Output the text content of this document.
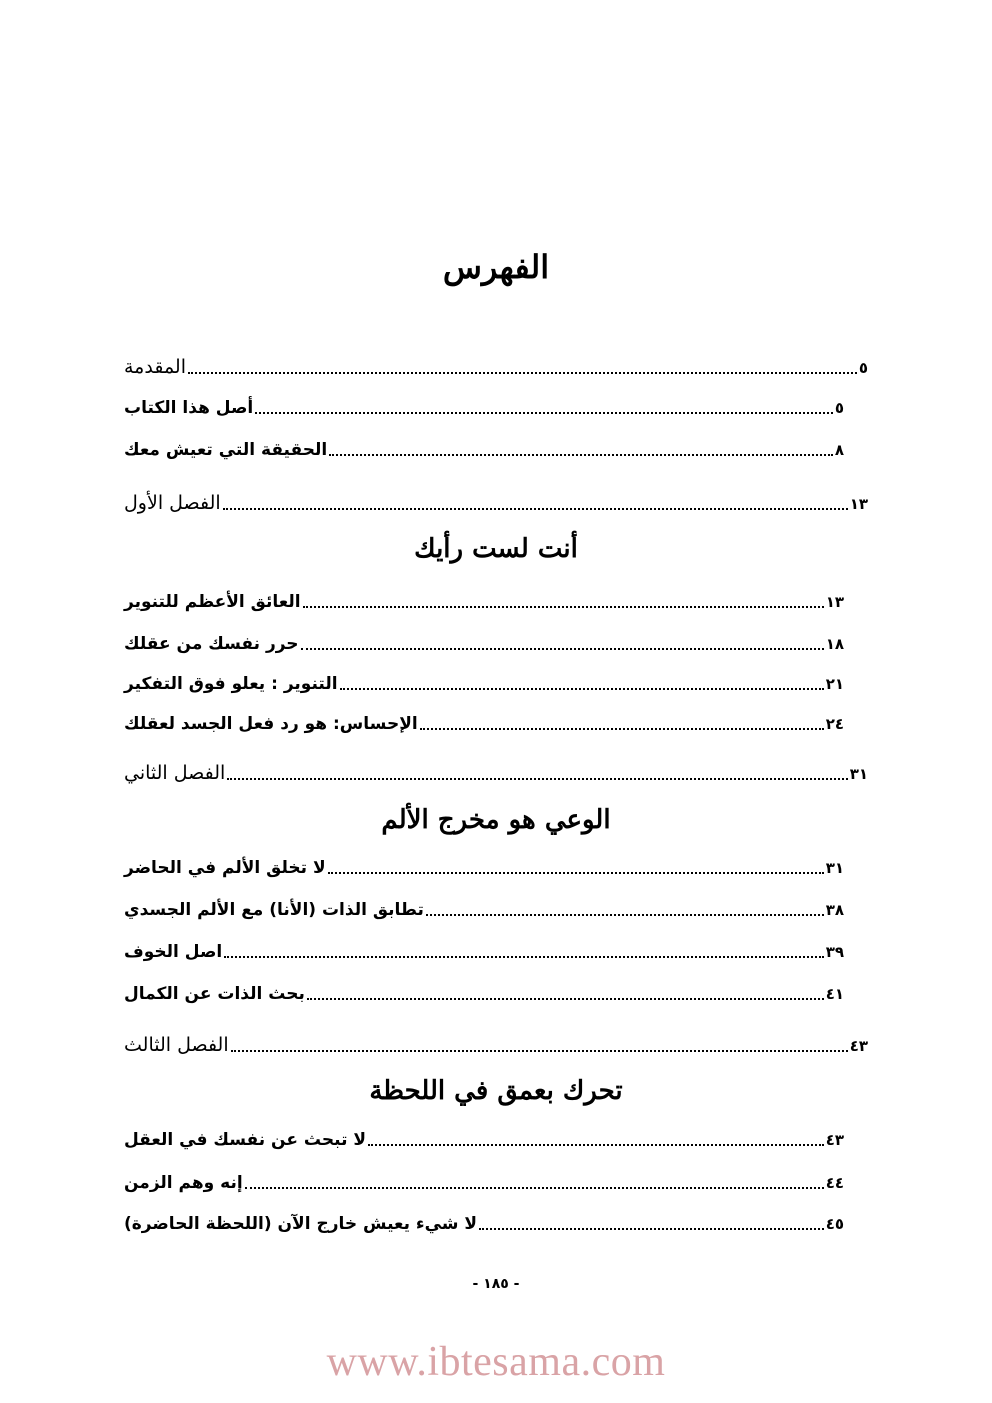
الفهرس
المقدمة	٥
أصل هذا الكتاب	٥
الحقيقة التي تعيش معك	٨
الفصل الأول	١٣
أنت لست رأيك
العائق الأعظم للتنوير	١٣
حرر نفسك من عقلك	١٨
التنوير : يعلو فوق التفكير	٢١
الإحساس: هو رد فعل الجسد لعقلك	٢٤
الفصل الثاني	٣١
الوعي هو مخرج الألم
لا تخلق الألم في الحاضر	٣١
تطابق الذات (الأنا) مع الألم الجسدي	٣٨
اصل الخوف	٣٩
بحث الذات عن الكمال	٤١
الفصل الثالث	٤٣
تحرك بعمق في اللحظة
لا تبحث عن نفسك في العقل	٤٣
إنه وهم الزمن	٤٤
لا شيء يعيش خارج الآن (اللحظة الحاضرة)	٤٥
- ١٨٥ -
www.ibtesama.com
